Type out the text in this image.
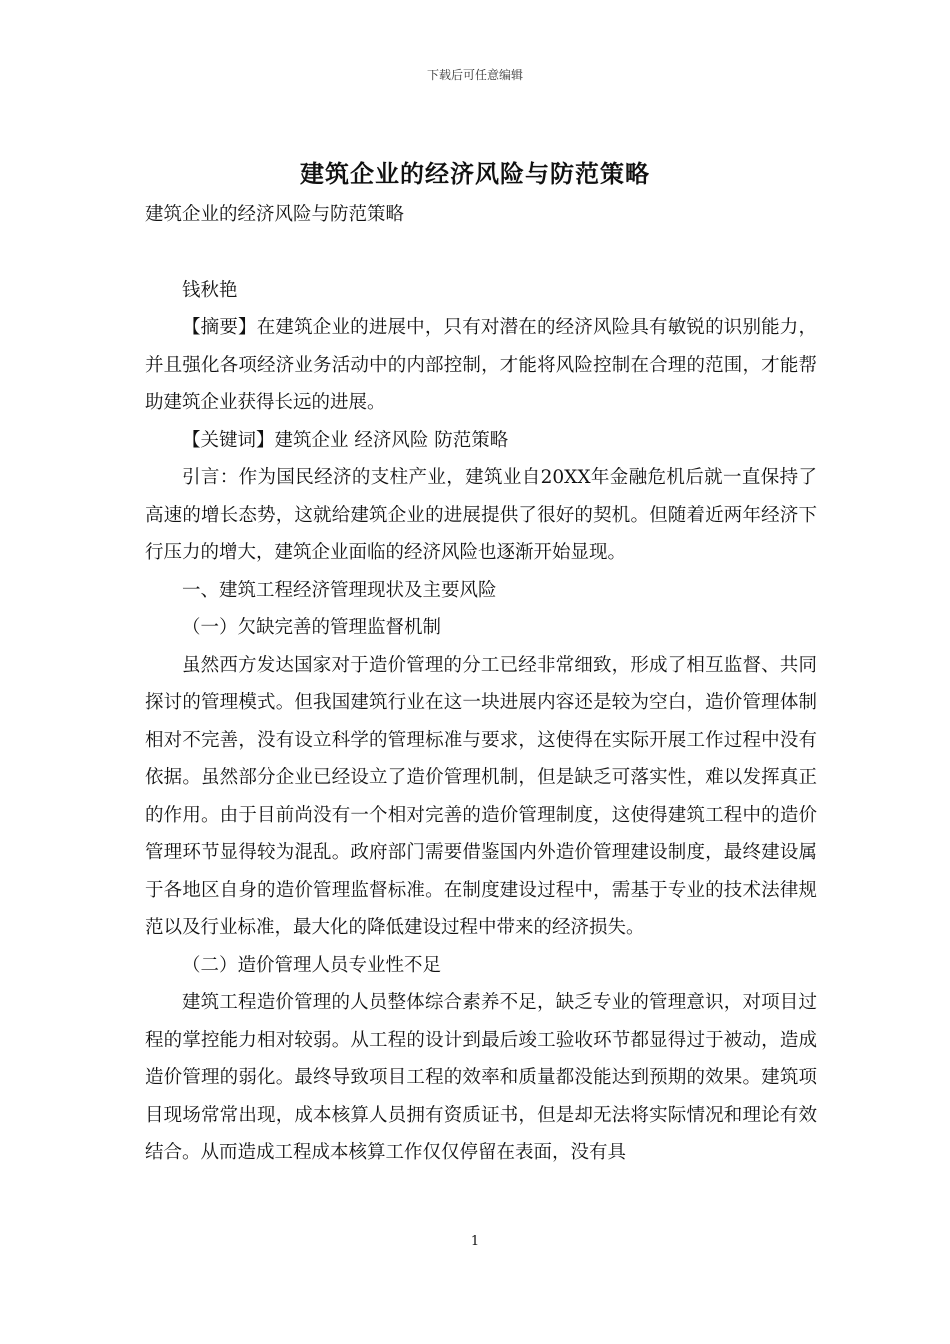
下载后可任意编辑
建筑企业的经济风险与防范策略

建筑企业的经济风险与防范策略

钱秋艳

【摘要】在建筑企业的进展中，只有对潜在的经济风险具有敏锐的识别能力，并且强化各项经济业务活动中的内部控制，才能将风险控制在合理的范围，才能帮助建筑企业获得长远的进展。

【关键词】建筑企业 经济风险 防范策略

引言：作为国民经济的支柱产业，建筑业自20XX年金融危机后就一直保持了高速的增长态势，这就给建筑企业的进展提供了很好的契机。但随着近两年经济下行压力的增大，建筑企业面临的经济风险也逐渐开始显现。

一、建筑工程经济管理现状及主要风险

（一）欠缺完善的管理监督机制

虽然西方发达国家对于造价管理的分工已经非常细致，形成了相互监督、共同探讨的管理模式。但我国建筑行业在这一块进展内容还是较为空白，造价管理体制相对不完善，没有设立科学的管理标准与要求，这使得在实际开展工作过程中没有依据。虽然部分企业已经设立了造价管理机制，但是缺乏可落实性，难以发挥真正的作用。由于目前尚没有一个相对完善的造价管理制度，这使得建筑工程中的造价管理环节显得较为混乱。政府部门需要借鉴国内外造价管理建设制度，最终建设属于各地区自身的造价管理监督标准。在制度建设过程中，需基于专业的技术法律规范以及行业标准，最大化的降低建设过程中带来的经济损失。

（二）造价管理人员专业性不足

建筑工程造价管理的人员整体综合素养不足，缺乏专业的管理意识，对项目过程的掌控能力相对较弱。从工程的设计到最后竣工验收环节都显得过于被动，造成造价管理的弱化。最终导致项目工程的效率和质量都没能达到预期的效果。建筑项目现场常常出现，成本核算人员拥有资质证书，但是却无法将实际情况和理论有效结合。从而造成工程成本核算工作仅仅停留在表面，没有具

1
